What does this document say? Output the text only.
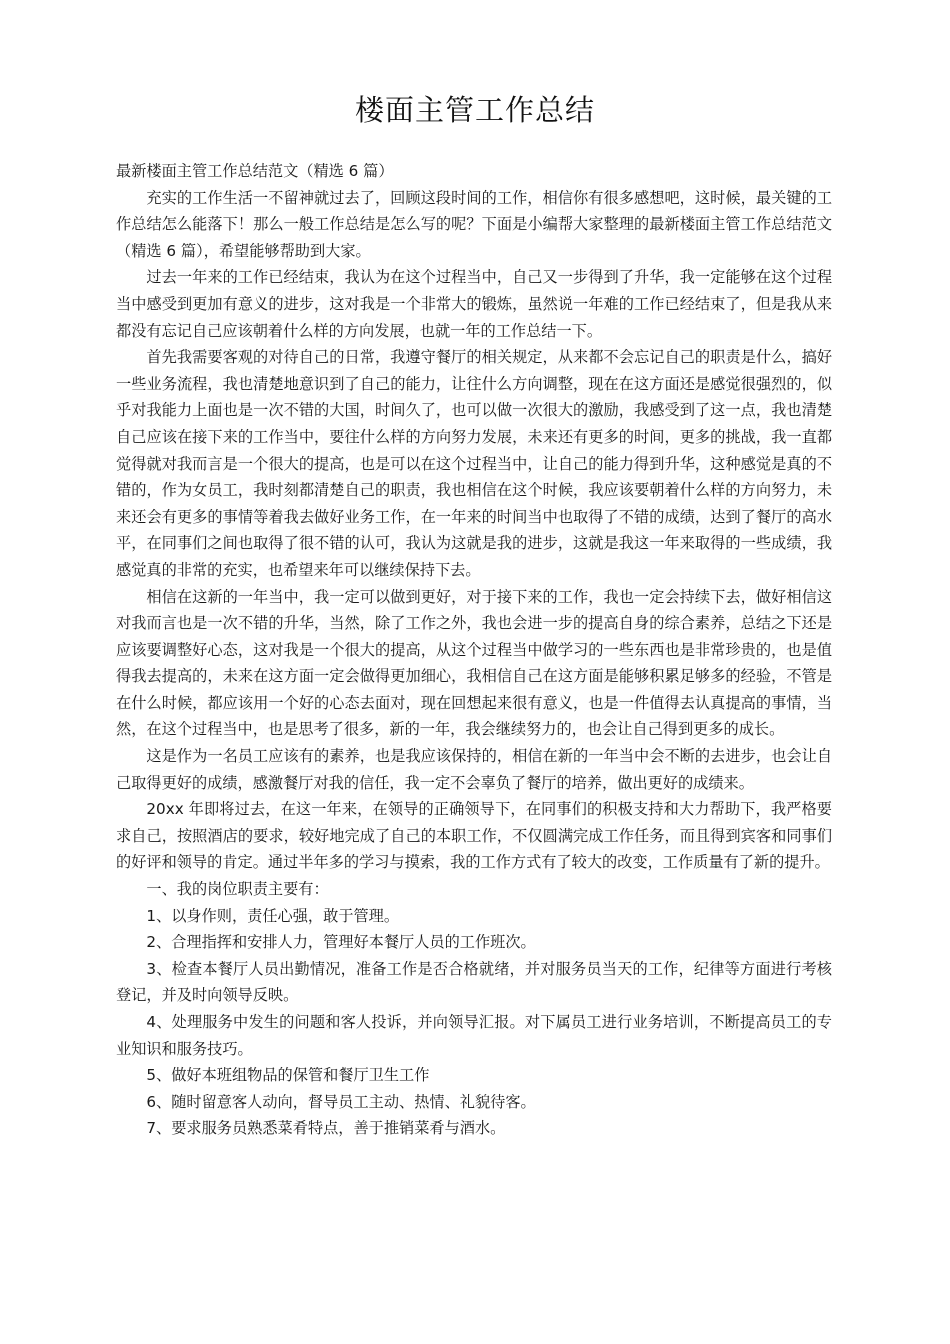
楼面主管工作总结

最新楼面主管工作总结范文（精选 6 篇）

充实的工作生活一不留神就过去了，回顾这段时间的工作，相信你有很多感想吧，这时候，最关键的工作总结怎么能落下！那么一般工作总结是怎么写的呢？下面是小编帮大家整理的最新楼面主管工作总结范文（精选 6 篇），希望能够帮助到大家。

过去一年来的工作已经结束，我认为在这个过程当中，自己又一步得到了升华，我一定能够在这个过程当中感受到更加有意义的进步，这对我是一个非常大的锻炼，虽然说一年难的工作已经结束了，但是我从来都没有忘记自己应该朝着什么样的方向发展，也就一年的工作总结一下。

首先我需要客观的对待自己的日常，我遵守餐厅的相关规定，从来都不会忘记自己的职责是什么，搞好一些业务流程，我也清楚地意识到了自己的能力，让往什么方向调整，现在在这方面还是感觉很强烈的，似乎对我能力上面也是一次不错的大国，时间久了，也可以做一次很大的激励，我感受到了这一点，我也清楚自己应该在接下来的工作当中，要往什么样的方向努力发展，未来还有更多的时间，更多的挑战，我一直都觉得就对我而言是一个很大的提高，也是可以在这个过程当中，让自己的能力得到升华，这种感觉是真的不错的，作为女员工，我时刻都清楚自己的职责，我也相信在这个时候，我应该要朝着什么样的方向努力，未来还会有更多的事情等着我去做好业务工作，在一年来的时间当中也取得了不错的成绩，达到了餐厅的高水平，在同事们之间也取得了很不错的认可，我认为这就是我的进步，这就是我这一年来取得的一些成绩，我感觉真的非常的充实，也希望来年可以继续保持下去。

相信在这新的一年当中，我一定可以做到更好，对于接下来的工作，我也一定会持续下去，做好相信这对我而言也是一次不错的升华，当然，除了工作之外，我也会进一步的提高自身的综合素养，总结之下还是应该要调整好心态，这对我是一个很大的提高，从这个过程当中做学习的一些东西也是非常珍贵的，也是值得我去提高的，未来在这方面一定会做得更加细心，我相信自己在这方面是能够积累足够多的经验，不管是在什么时候，都应该用一个好的心态去面对，现在回想起来很有意义，也是一件值得去认真提高的事情，当然，在这个过程当中，也是思考了很多，新的一年，我会继续努力的，也会让自己得到更多的成长。

这是作为一名员工应该有的素养，也是我应该保持的，相信在新的一年当中会不断的去进步，也会让自己取得更好的成绩，感激餐厅对我的信任，我一定不会辜负了餐厅的培养，做出更好的成绩来。

20xx 年即将过去，在这一年来，在领导的正确领导下，在同事们的积极支持和大力帮助下，我严格要求自己，按照酒店的要求，较好地完成了自己的本职工作，不仅圆满完成工作任务，而且得到宾客和同事们的好评和领导的肯定。通过半年多的学习与摸索，我的工作方式有了较大的改变，工作质量有了新的提升。

一、我的岗位职责主要有：

1、以身作则，责任心强，敢于管理。

2、合理指挥和安排人力，管理好本餐厅人员的工作班次。

3、检查本餐厅人员出勤情况，准备工作是否合格就绪，并对服务员当天的工作，纪律等方面进行考核登记，并及时向领导反映。

4、处理服务中发生的问题和客人投诉，并向领导汇报。对下属员工进行业务培训，不断提高员工的专业知识和服务技巧。

5、做好本班组物品的保管和餐厅卫生工作

6、随时留意客人动向，督导员工主动、热情、礼貌待客。

7、要求服务员熟悉菜肴特点，善于推销菜肴与酒水。
